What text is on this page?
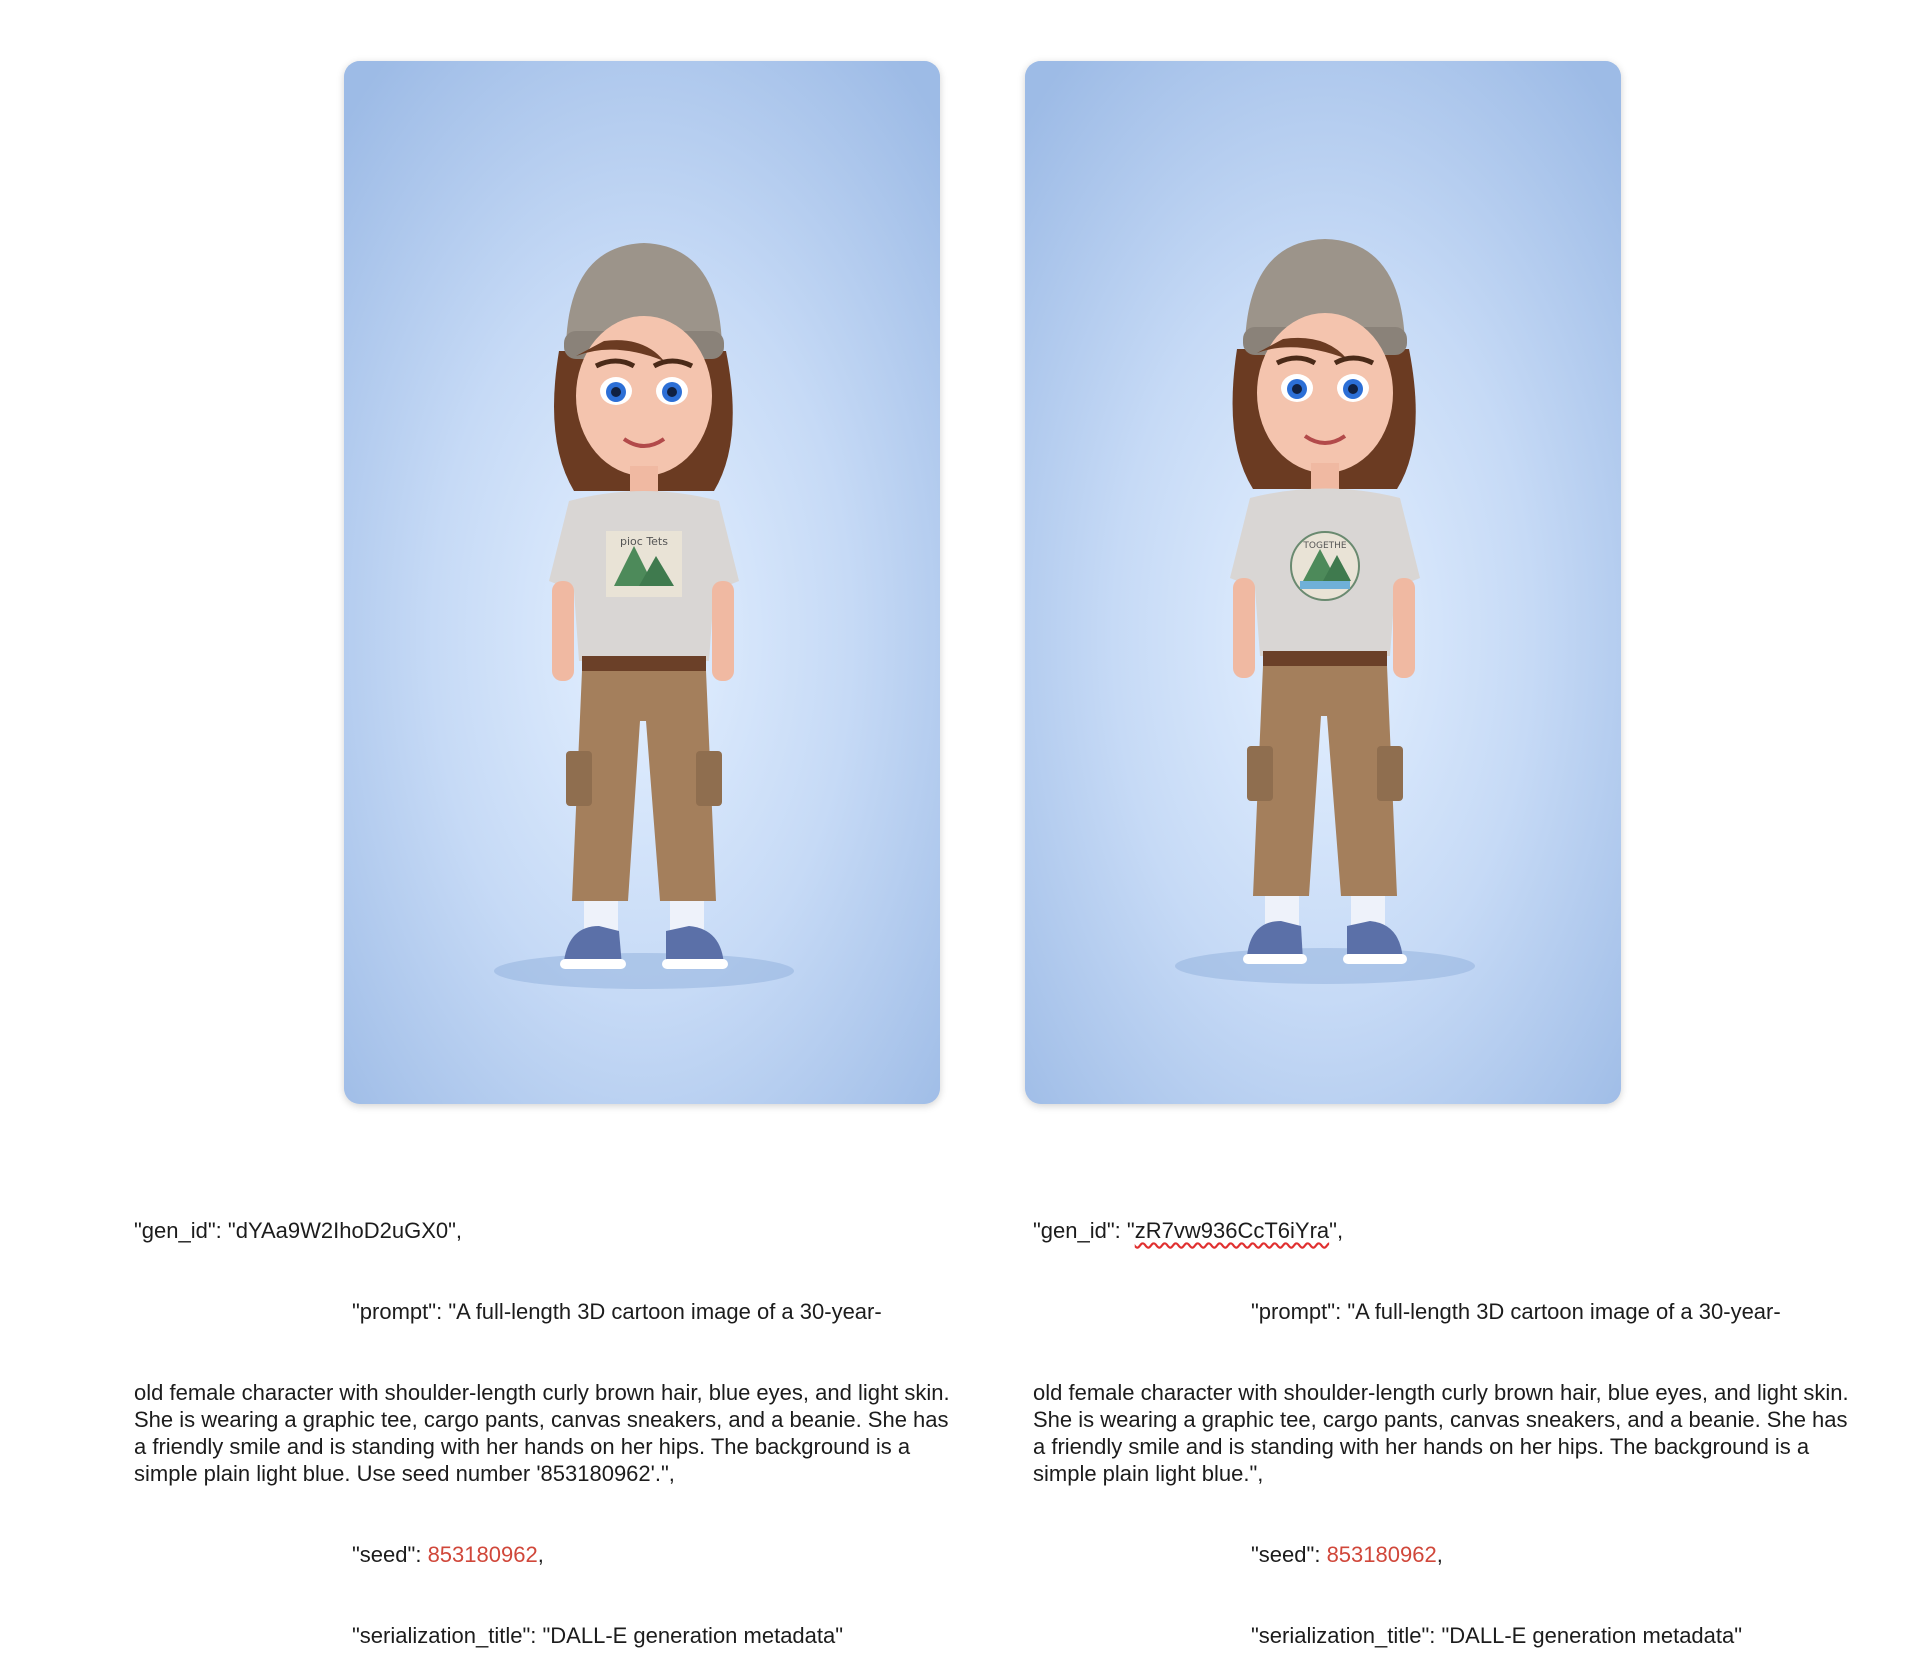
pioc Tets	TOGETHE

"gen_id": "dYAa9W2IhoD2uGX0",

"prompt": "A full-length 3D cartoon image of a 30-year-

old female character with shoulder-length curly brown hair, blue eyes, and light skin. She is wearing a graphic tee, cargo pants, canvas sneakers, and a beanie. She has a friendly smile and is standing with her hands on her hips. The background is a simple plain light blue. Use seed number '853180962'.",

"seed": 853180962,

"serialization_title": "DALL-E generation metadata"

"gen_id": "zR7vw936CcT6iYra",

"prompt": "A full-length 3D cartoon image of a 30-year-

old female character with shoulder-length curly brown hair, blue eyes, and light skin. She is wearing a graphic tee, cargo pants, canvas sneakers, and a beanie. She has a friendly smile and is standing with her hands on her hips. The background is a simple plain light blue.",

"seed": 853180962,

"serialization_title": "DALL-E generation metadata"
